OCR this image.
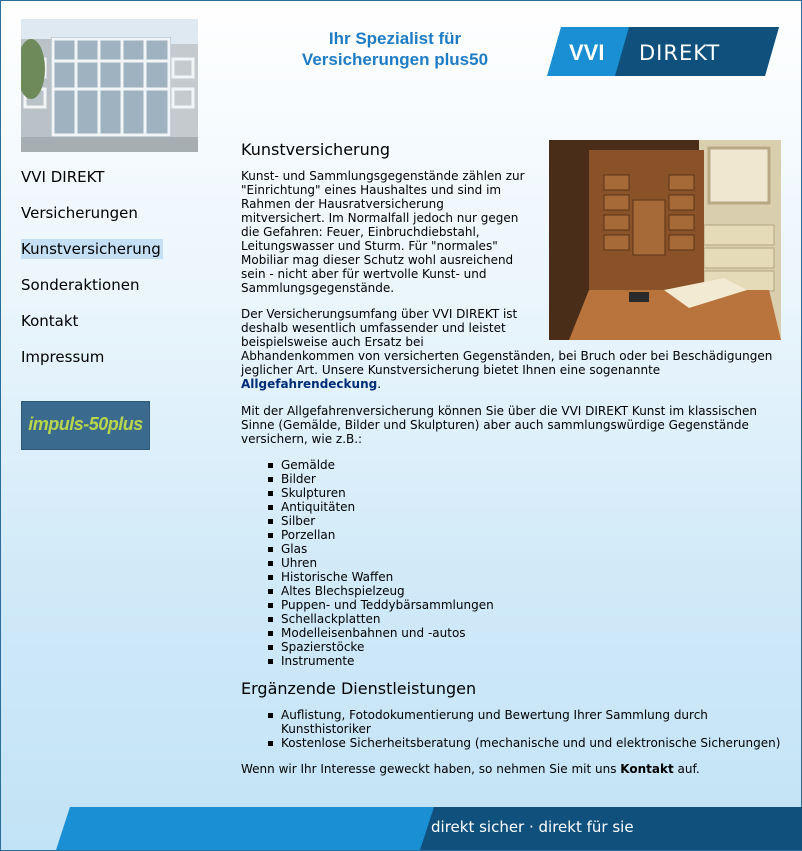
Ihr Spezialist für
Versicherungen plus50	VVI DIREKT
VVI DIREKT
Versicherungen
Kunstversicherung
Sonderaktionen
Kontakt
Impressum
impuls-50plus
Kunstversicherung

Kunst- und Sammlungsgegenstände zählen zur "Einrichtung" eines Haushaltes und sind im Rahmen der Hausratversicherung mitversichert. Im Normalfall jedoch nur gegen die Gefahren: Feuer, Einbruchdiebstahl, Leitungswasser und Sturm. Für "normales" Mobiliar mag dieser Schutz wohl ausreichend sein - nicht aber für wertvolle Kunst- und Sammlungsgegenstände.

Der Versicherungsumfang über VVI DIREKT ist deshalb wesentlich umfassender und leistet beispielsweise auch Ersatz bei Abhandenkommen von versicherten Gegenständen, bei Bruch oder bei Beschädigungen jeglicher Art. Unsere Kunstversicherung bietet Ihnen eine sogenannte Allgefahrendeckung.

Mit der Allgefahrenversicherung können Sie über die VVI DIREKT Kunst im klassischen Sinne (Gemälde, Bilder und Skulpturen) aber auch sammlungswürdige Gegenstände versichern, wie z.B.:

Gemälde
Bilder
Skulpturen
Antiquitäten
Silber
Porzellan
Glas
Uhren
Historische Waffen
Altes Blechspielzeug
Puppen- und Teddybärsammlungen
Schellackplatten
Modelleisenbahnen und -autos
Spazierstöcke
Instrumente
Ergänzende Dienstleistungen
Auflistung, Fotodokumentierung und Bewertung Ihrer Sammlung durch Kunsthistoriker
Kostenlose Sicherheitsberatung (mechanische und und elektronische Sicherungen)

Wenn wir Ihr Interesse geweckt haben, so nehmen Sie mit uns Kontakt auf.

direkt sicher · direkt für sie
